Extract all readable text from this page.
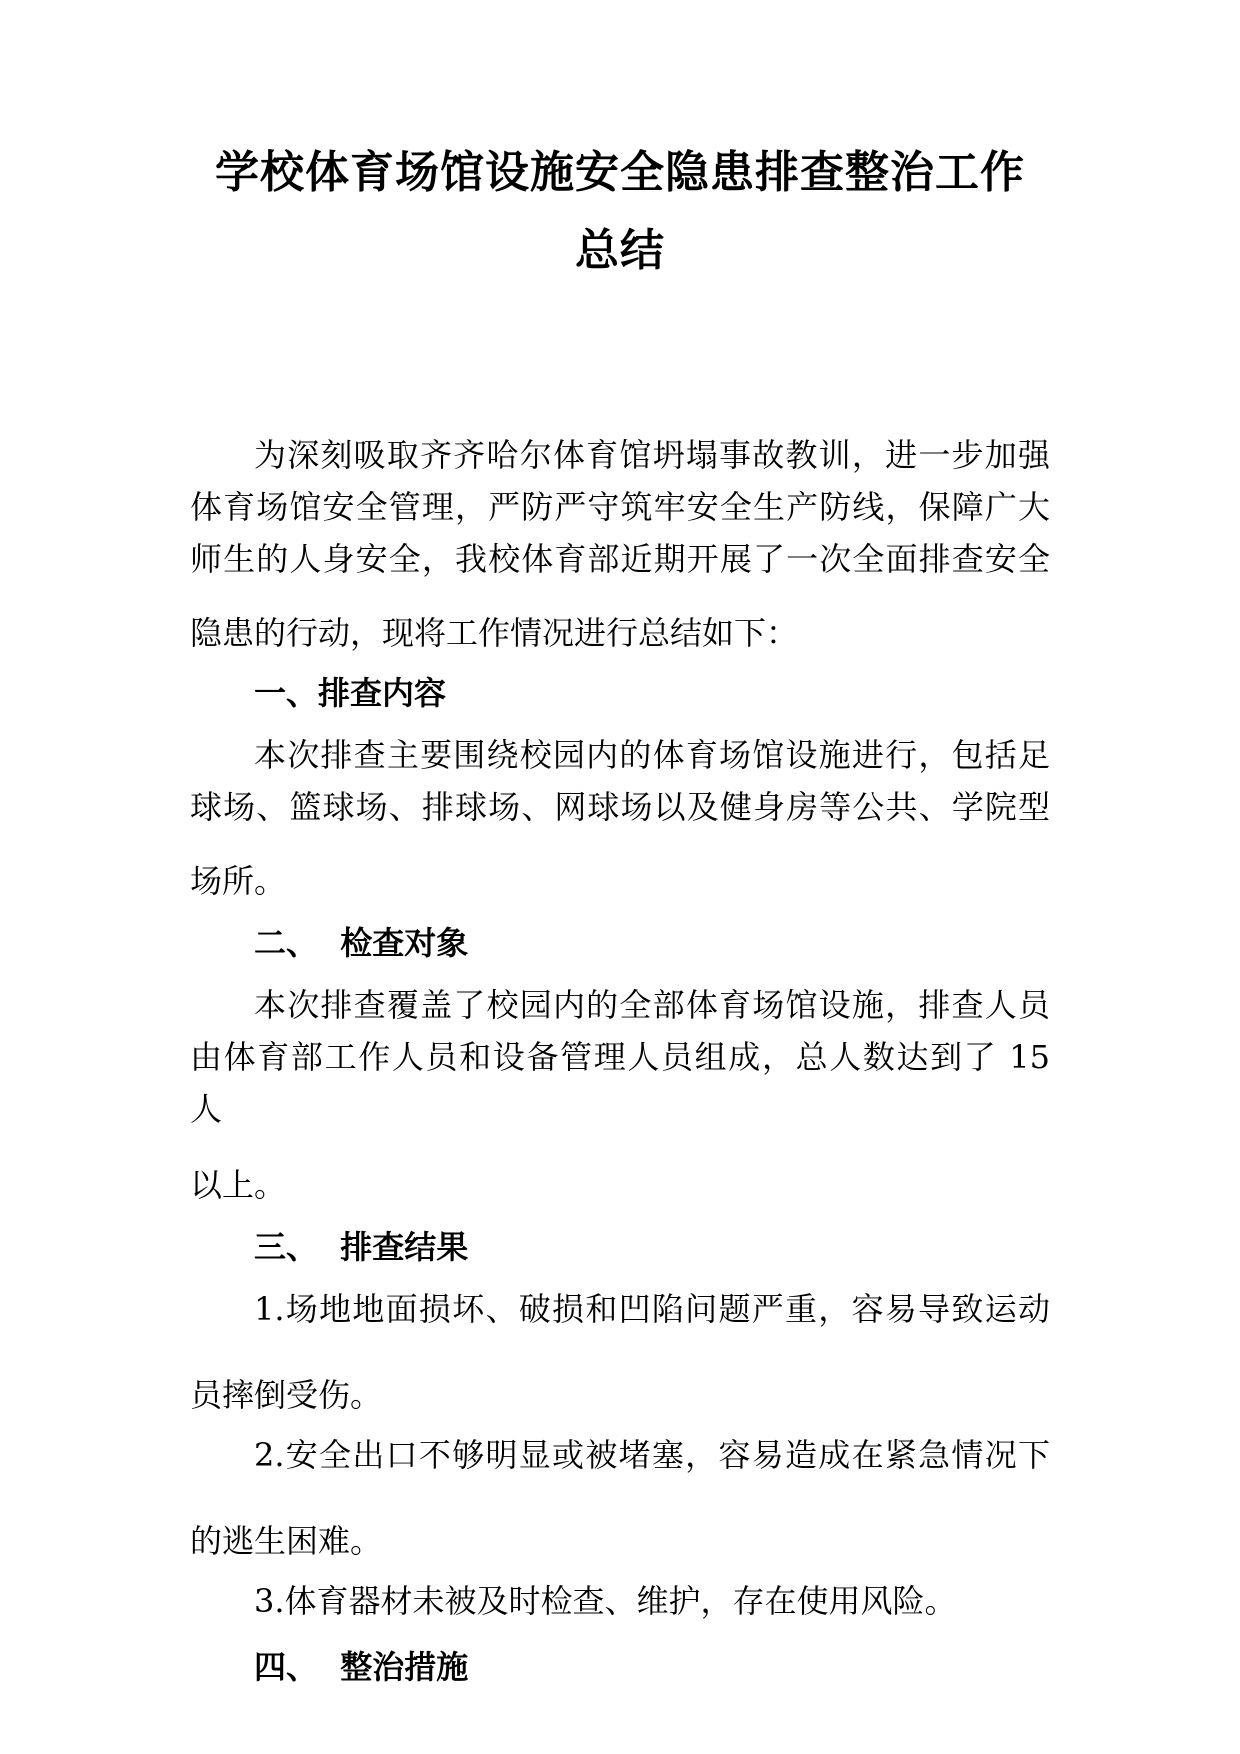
学校体育场馆设施安全隐患排查整治工作
总结
为深刻吸取齐齐哈尔体育馆坍塌事故教训，进一步加强
体育场馆安全管理，严防严守筑牢安全生产防线，保障广大
师生的人身安全，我校体育部近期开展了一次全面排查安全
隐患的行动，现将工作情况进行总结如下：
一、排查内容
本次排查主要围绕校园内的体育场馆设施进行，包括足
球场、篮球场、排球场、网球场以及健身房等公共、学院型
场所。
二、  检查对象
本次排查覆盖了校园内的全部体育场馆设施，排查人员
由体育部工作人员和设备管理人员组成，总人数达到了 15
人
以上。
三、  排查结果
1.场地地面损坏、破损和凹陷问题严重，容易导致运动
员摔倒受伤。
2.安全出口不够明显或被堵塞，容易造成在紧急情况下
的逃生困难。
3.体育器材未被及时检查、维护，存在使用风险。
四、  整治措施
